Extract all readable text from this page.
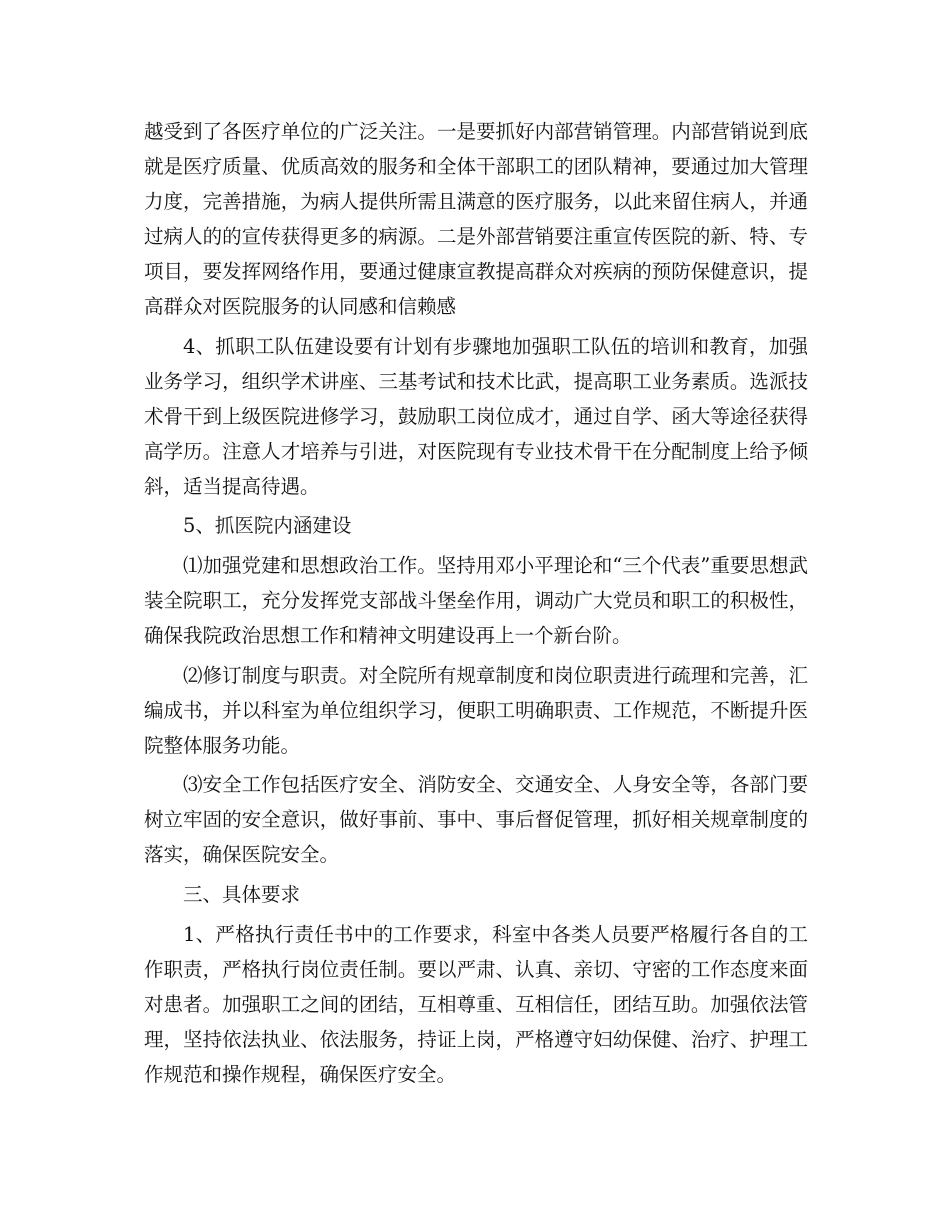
越受到了各医疗单位的广泛关注。一是要抓好内部营销管理。内部营销说到底就是医疗质量、优质高效的服务和全体干部职工的团队精神，要通过加大管理力度，完善措施，为病人提供所需且满意的医疗服务，以此来留住病人，并通过病人的的宣传获得更多的病源。二是外部营销要注重宣传医院的新、特、专项目，要发挥网络作用，要通过健康宣教提高群众对疾病的预防保健意识，提高群众对医院服务的认同感和信赖感

4、抓职工队伍建设要有计划有步骤地加强职工队伍的培训和教育，加强业务学习，组织学术讲座、三基考试和技术比武，提高职工业务素质。选派技术骨干到上级医院进修学习，鼓励职工岗位成才，通过自学、函大等途径获得高学历。注意人才培养与引进，对医院现有专业技术骨干在分配制度上给予倾斜，适当提高待遇。

5、抓医院内涵建设

⑴加强党建和思想政治工作。坚持用邓小平理论和“三个代表”重要思想武装全院职工，充分发挥党支部战斗堡垒作用，调动广大党员和职工的积极性，确保我院政治思想工作和精神文明建设再上一个新台阶。

⑵修订制度与职责。对全院所有规章制度和岗位职责进行疏理和完善，汇编成书，并以科室为单位组织学习，便职工明确职责、工作规范，不断提升医院整体服务功能。

⑶安全工作包括医疗安全、消防安全、交通安全、人身安全等，各部门要树立牢固的安全意识，做好事前、事中、事后督促管理，抓好相关规章制度的落实，确保医院安全。

三、具体要求

1、严格执行责任书中的工作要求，科室中各类人员要严格履行各自的工作职责，严格执行岗位责任制。要以严肃、认真、亲切、守密的工作态度来面对患者。加强职工之间的团结，互相尊重、互相信任，团结互助。加强依法管理，坚持依法执业、依法服务，持证上岗，严格遵守妇幼保健、治疗、护理工作规范和操作规程，确保医疗安全。
